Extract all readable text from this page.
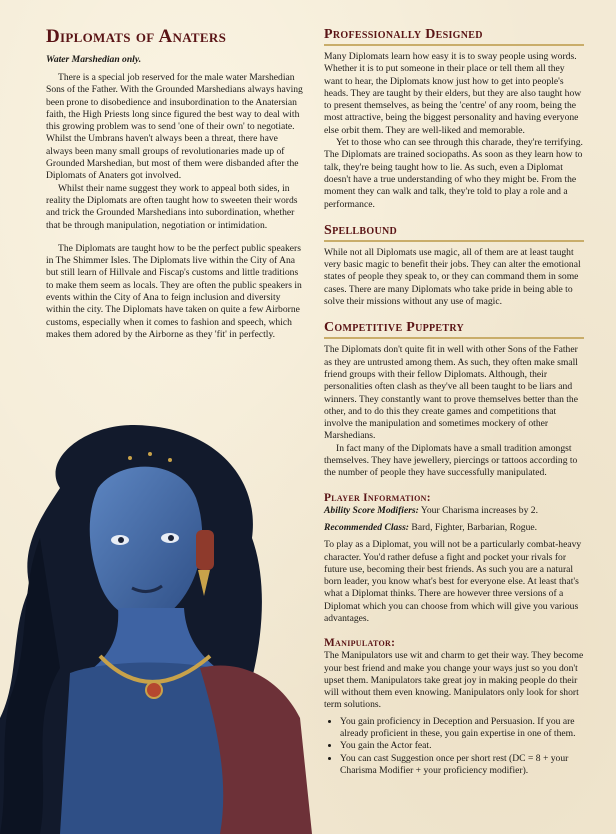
Diplomats of Anaters
Water Marshedian only.

There is a special job reserved for the male water Marshedian Sons of the Father. With the Grounded Marshedians always having been prone to disobedience and insubordination to the Anatersian faith, the High Priests long since figured the best way to deal with this growing problem was to send 'one of their own' to negotiate. Whilst the Umbrans haven't always been a threat, there have always been many small groups of revolutionaries made up of Grounded Marshedian, but most of them were disbanded after the Diplomats of Anaters got involved.

Whilst their name suggest they work to appeal both sides, in reality the Diplomats are often taught how to sweeten their words and trick the Grounded Marshedians into subordination, whether that be through manipulation, negotiation or intimidation.

The Diplomats are taught how to be the perfect public speakers in The Shimmer Isles. The Diplomats live within the City of Ana but still learn of Hillvale and Fiscap's customs and little traditions to make them seem as locals. They are often the public speakers in events within the City of Ana to feign inclusion and diversity within the city. The Diplomats have taken on quite a few Airborne customs, especially when it comes to fashion and speech, which makes them adored by the Airborne as they 'fit' in perfectly.

Professionally Designed

Many Diplomats learn how easy it is to sway people using words. Whether it is to put someone in their place or tell them all they want to hear, the Diplomats know just how to get into people's heads. They are taught by their elders, but they are also taught how to present themselves, as being the 'centre' of any room, being the most attractive, being the biggest personality and having everyone else orbit them. They are well-liked and memorable.

Yet to those who can see through this charade, they're terrifying. The Diplomats are trained sociopaths. As soon as they learn how to talk, they're being taught how to lie. As such, even a Diplomat doesn't have a true understanding of who they might be. From the moment they can walk and talk, they're told to play a role and a performance.

Spellbound

While not all Diplomats use magic, all of them are at least taught very basic magic to benefit their jobs. They can alter the emotional states of people they speak to, or they can command them in some cases. There are many Diplomats who take pride in being able to solve their missions without any use of magic.

Competitive Puppetry

The Diplomats don't quite fit in well with other Sons of the Father as they are untrusted among them. As such, they often make small friend groups with their fellow Diplomats. Although, their personalities often clash as they've all been taught to be liars and winners. They constantly want to prove themselves better than the other, and to do this they create games and competitions that involve the manipulation and sometimes mockery of other Marshedians.

In fact many of the Diplomats have a small tradition amongst themselves. They have jewellery, piercings or tattoos according to the number of people they have successfully manipulated.

Player Information:

Ability Score Modifiers: Your Charisma increases by 2.

Recommended Class: Bard, Fighter, Barbarian, Rogue.

To play as a Diplomat, you will not be a particularly combat-heavy character. You'd rather defuse a fight and pocket your rivals for future use, becoming their best friends. As such you are a natural born leader, you know what's best for everyone else. At least that's what a Diplomat thinks. There are however three versions of a Diplomat which you can choose from which will give you various advantages.

Manipulator:

The Manipulators use wit and charm to get their way. They become your best friend and make you change your ways just so you don't upset them. Manipulators take great joy in making people do their will without them even knowing. Manipulators only look for short term solutions.

• You gain proficiency in Deception and Persuasion. If you are already proficient in these, you gain expertise in one of them.
• You gain the Actor feat.
• You can cast Suggestion once per short rest (DC = 8 + your Charisma Modifier + your proficiency modifier).
